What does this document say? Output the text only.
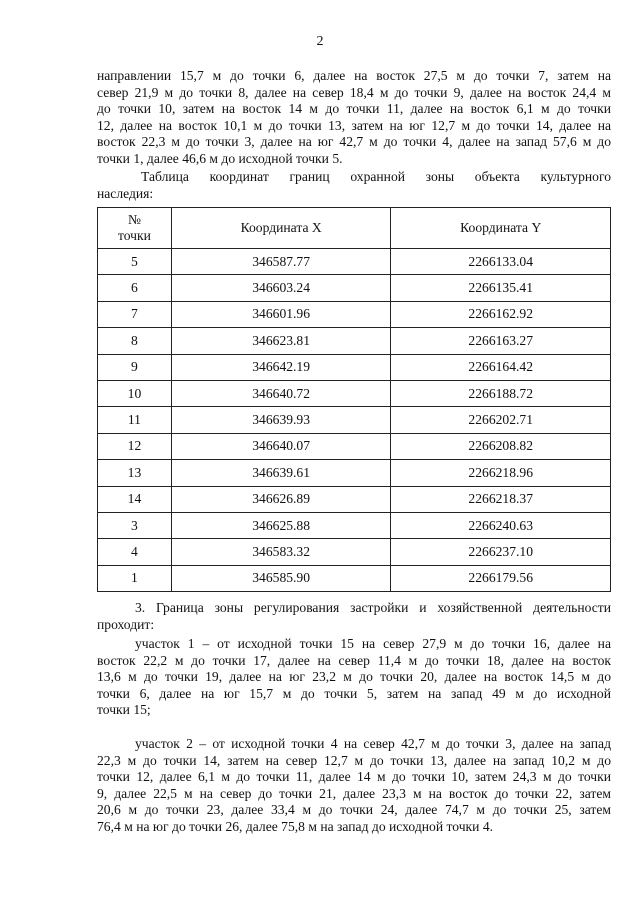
2
направлении 15,7 м до точки 6, далее на восток 27,5 м до точки 7, затем на
север 21,9 м до точки 8, далее на север 18,4 м до точки 9, далее на восток 24,4 м
до точки 10, затем на восток 14 м до точки 11, далее на восток 6,1 м до точки
12, далее на восток 10,1 м до точки 13, затем на юг 12,7 м до точки 14, далее на
восток 22,3 м до точки 3, далее на юг 42,7 м до точки 4, далее на запад 57,6 м до
точки 1, далее 46,6 м до исходной точки 5.
Таблица координат границ охранной зоны объекта культурного
наследия:
№
точки	Координата X	Координата Y
5	346587.77	2266133.04
6	346603.24	2266135.41
7	346601.96	2266162.92
8	346623.81	2266163.27
9	346642.19	2266164.42
10	346640.72	2266188.72
11	346639.93	2266202.71
12	346640.07	2266208.82
13	346639.61	2266218.96
14	346626.89	2266218.37
3	346625.88	2266240.63
4	346583.32	2266237.10
1	346585.90	2266179.56
3. Граница зоны регулирования застройки и хозяйственной деятельности
проходит:
участок 1 – от исходной точки 15 на север 27,9 м до точки 16, далее на
восток 22,2 м до точки 17, далее на север 11,4 м до точки 18, далее на восток
13,6 м до точки 19, далее на юг 23,2 м до точки 20, далее на восток 14,5 м до
точки 6, далее на юг 15,7 м до точки 5, затем на запад 49 м до исходной
точки 15;
участок 2 – от исходной точки 4 на север 42,7 м до точки 3, далее на запад
22,3 м до точки 14, затем на север 12,7 м до точки 13, далее на запад 10,2 м до
точки 12, далее 6,1 м до точки 11, далее 14 м до точки 10, затем 24,3 м до точки
9, далее 22,5 м на север до точки 21, далее 23,3 м на восток до точки 22, затем
20,6 м до точки 23, далее 33,4 м до точки 24, далее 74,7 м до точки 25, затем
76,4 м на юг до точки 26, далее 75,8 м на запад до исходной точки 4.
